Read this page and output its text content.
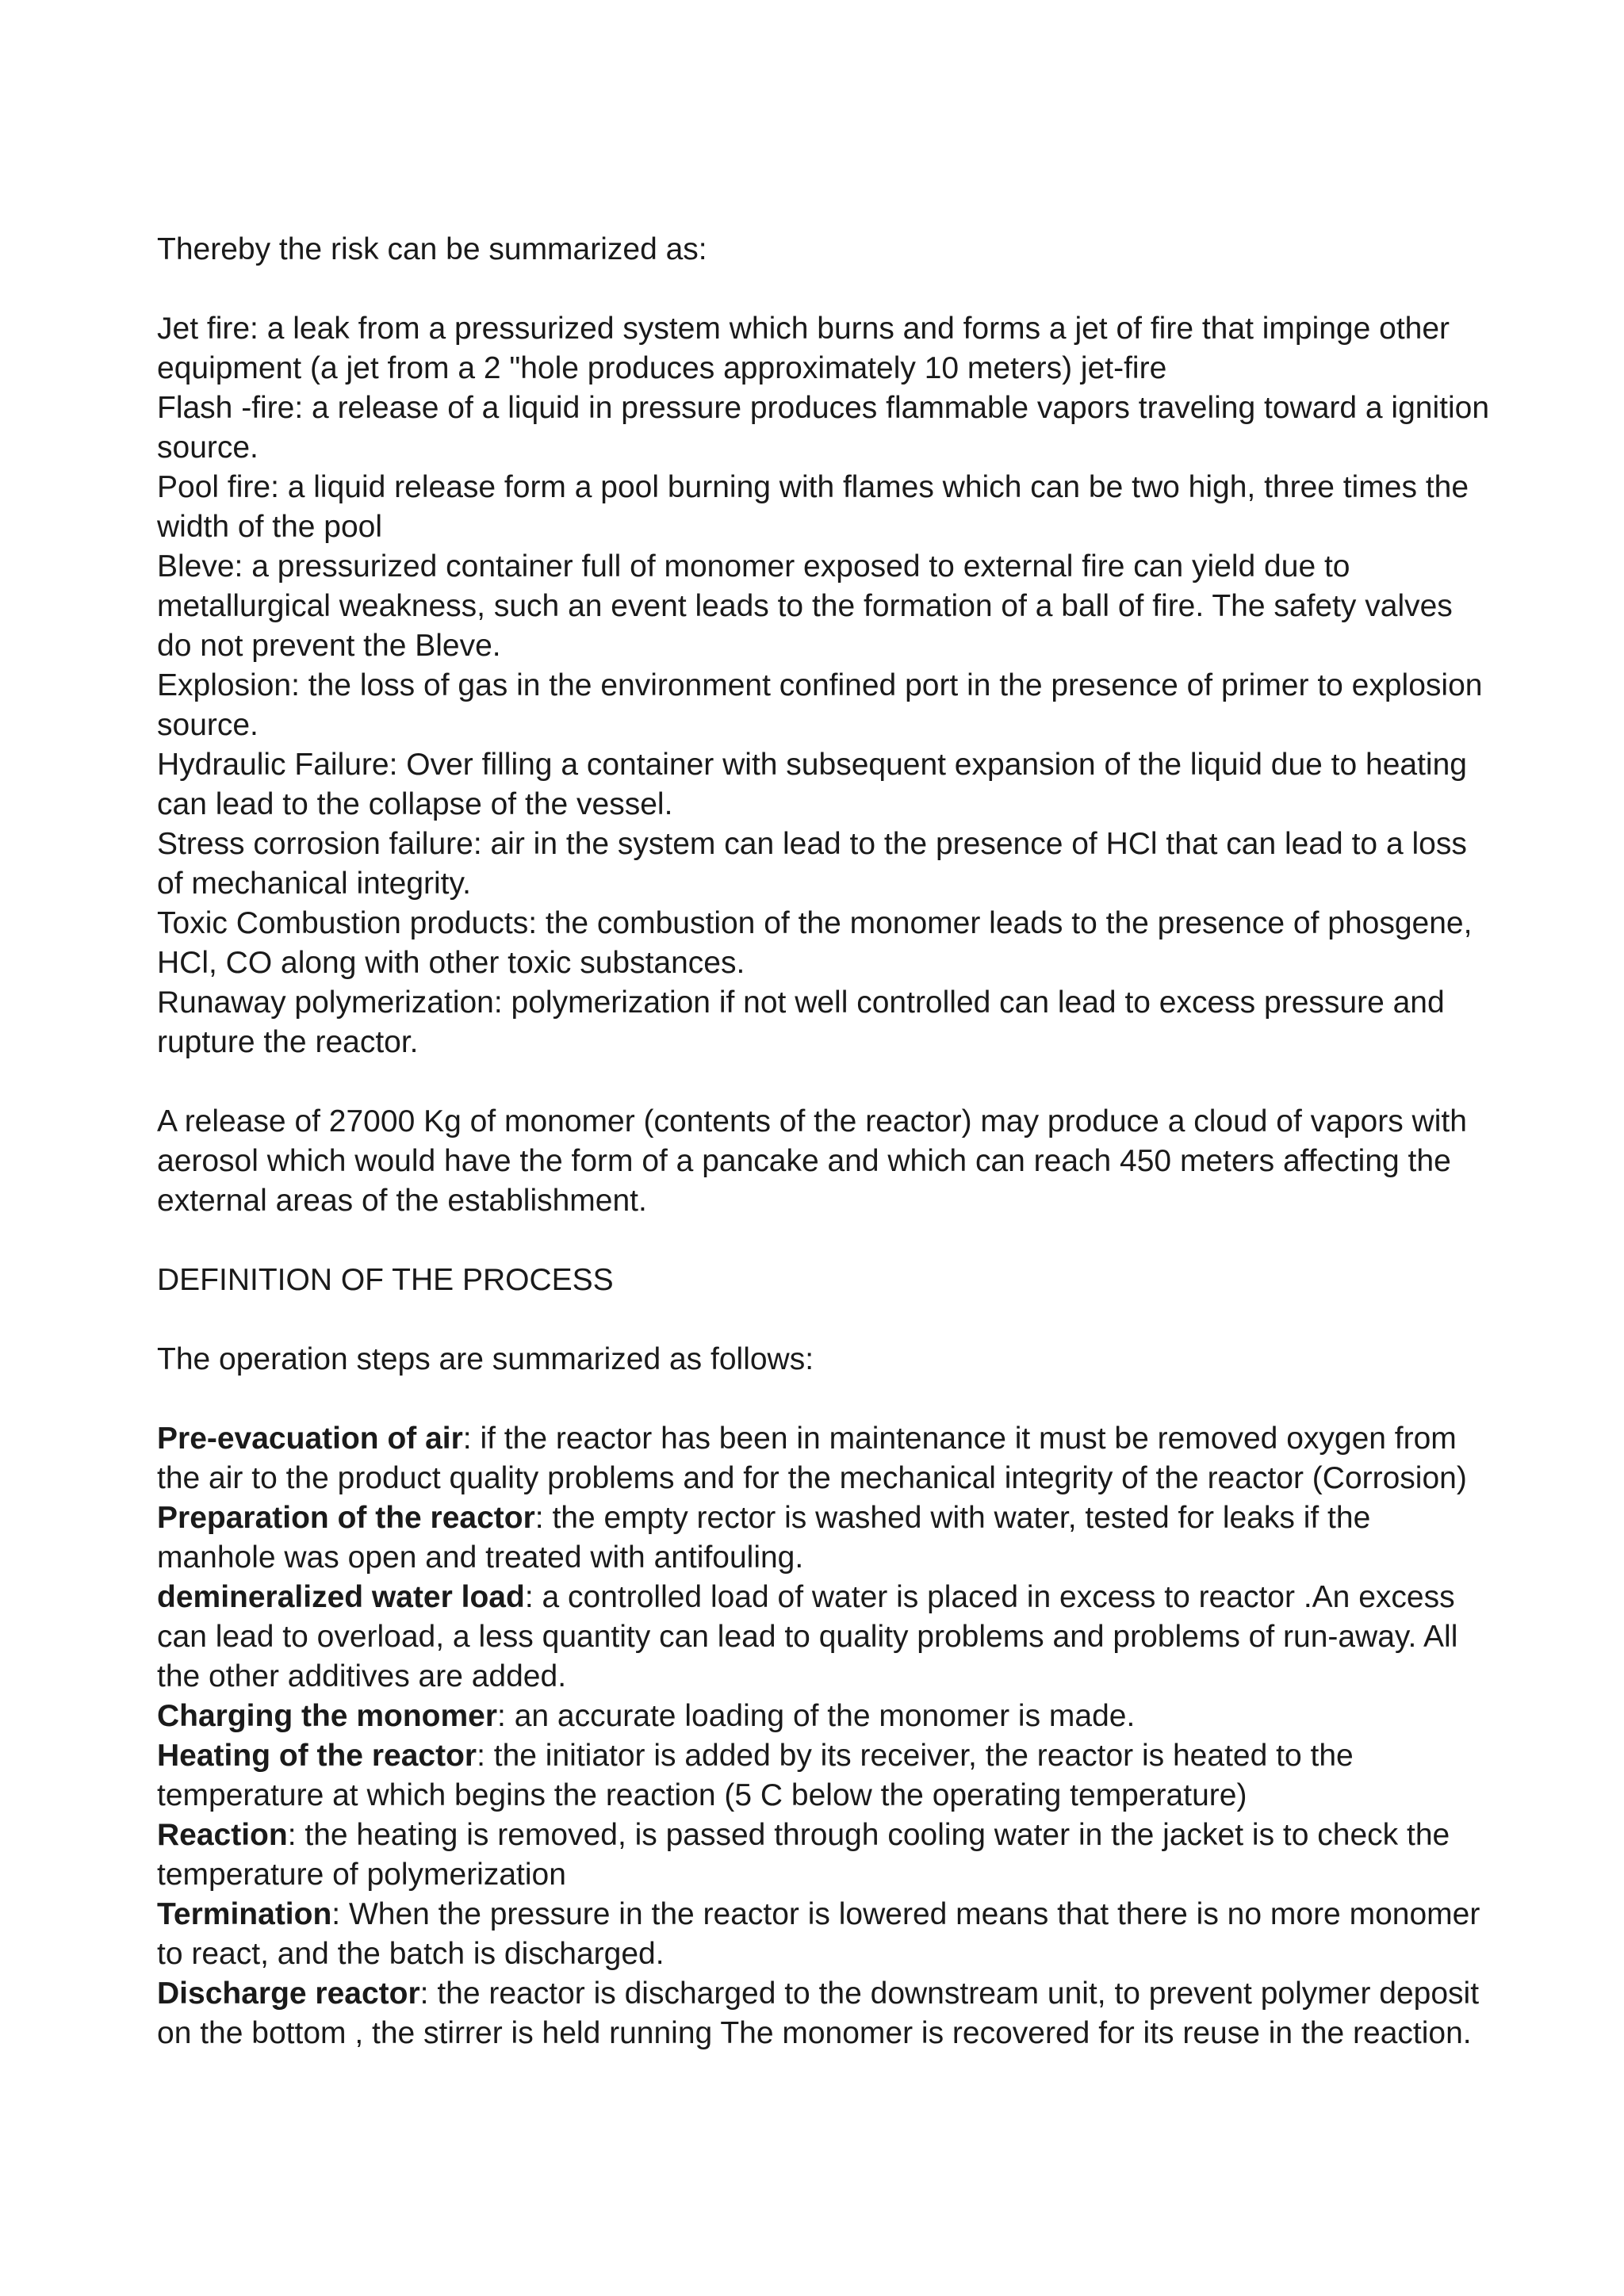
Thereby the risk can be summarized as:

Jet fire: a leak from a pressurized system which burns and forms a jet of fire that impinge other equipment (a jet from a 2 "hole produces approximately 10 meters) jet-fire

Flash -fire: a release of a liquid in pressure produces flammable vapors traveling toward a ignition source.

Pool fire: a liquid release form a pool burning with flames which can be two high, three times the width of the pool

Bleve: a pressurized container full of monomer exposed to external fire can yield due to metallurgical weakness, such an event leads to the formation of a ball of fire. The safety valves do not prevent the Bleve.

Explosion: the loss of gas in the environment confined port in the presence of primer to explosion source.

Hydraulic Failure: Over filling a container with subsequent expansion of the liquid due to heating can lead to the collapse of the vessel.

Stress corrosion failure: air in the system can lead to the presence of HCl that can lead to a loss of mechanical integrity.

Toxic Combustion products: the combustion of the monomer leads to the presence of phosgene, HCl, CO along with other toxic substances.

Runaway polymerization: polymerization if not well controlled can lead to excess pressure and rupture the reactor.

A release of 27000 Kg of monomer (contents of the reactor) may produce a cloud of vapors with aerosol which would have the form of a pancake and which can reach 450 meters affecting the external areas of the establishment.

DEFINITION OF THE PROCESS

The operation steps are summarized as follows:

Pre-evacuation of air: if the reactor has been in maintenance it must be removed oxygen from the air to the product quality problems and for the mechanical integrity of the reactor (Corrosion)

Preparation of the reactor: the empty rector is washed with water, tested for leaks if the manhole was open and treated with antifouling.

demineralized water load: a controlled load of water is placed in excess to reactor .An excess can lead to overload, a less quantity can lead to quality problems and problems of run-away. All the other additives are added.

Charging the monomer: an accurate loading of the monomer is made.

Heating of the reactor: the initiator is added by its receiver, the reactor is heated to the temperature at which begins the reaction (5 C below the operating temperature)

Reaction: the heating is removed, is passed through cooling water in the jacket is to check the temperature of polymerization

Termination: When the pressure in the reactor is lowered means that there is no more monomer to react, and the batch is discharged.

Discharge reactor: the reactor is discharged to the downstream unit, to prevent polymer deposit on the bottom , the stirrer is held running The monomer is recovered for its reuse in the reaction.
